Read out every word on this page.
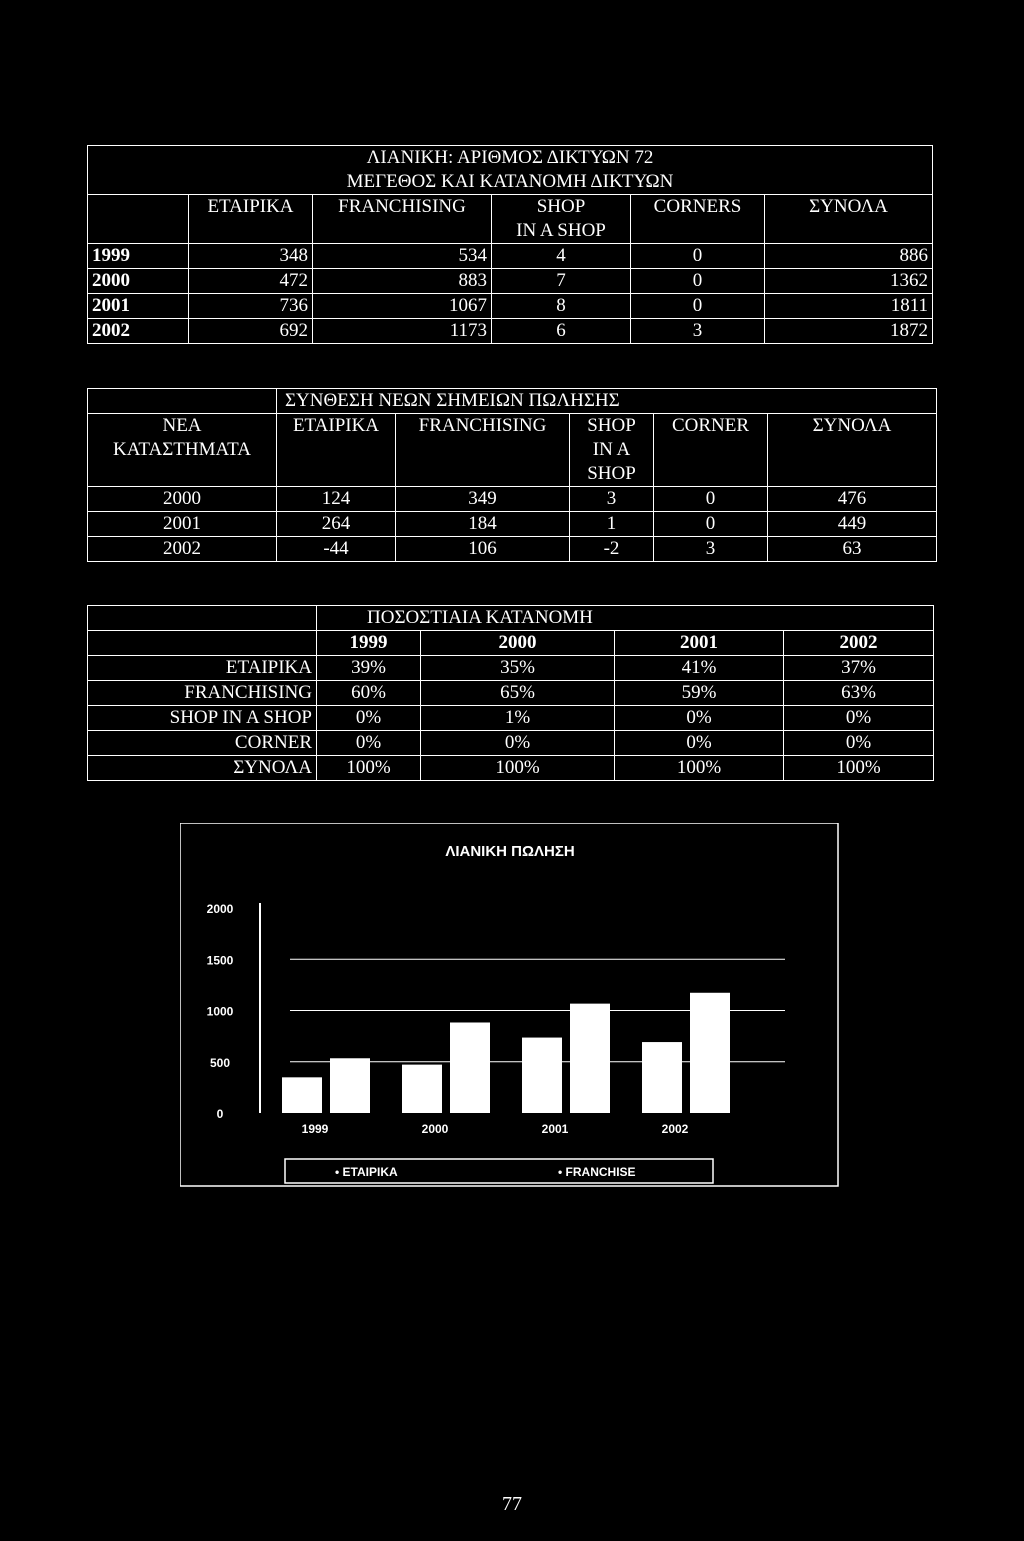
ΛΙΑΝΙΚΗ: ΑΡΙΘΜΟΣ ΔΙΚΤΥΩΝ 72					
ΜΕΓΕΘΟΣ ΚΑΙ ΚΑΤΑΝΟΜΗ ΔΙΚΤΥΩΝ					
	ΕΤΑΙΡΙΚΑ	FRANCHISING	SHOP	CORNERS	ΣΥΝΟΛΑ
			IN A SHOP		
1999	348	534	4	0	886
2000	472	883	7	0	1362
2001	736	1067	8	0	1811
2002	692	1173	6	3	1872
	ΣΥΝΘΕΣΗ ΝΕΩΝ ΣΗΜΕΙΩΝ ΠΩΛΗΣΗΣ				

ΝΕΑ
ΚΑΤΑΣΤΗΜΑΤΑ	ΕΤΑΙΡΙΚΑ	FRANCHISING	SHOP	CORNER	ΣΥΝΟΛΑ
			IN A		
			SHOP		
2000	124	349	3	0	476
2001	264	184	1	0	449
2002	-44	106	-2	3	63
	ΠΟΣΟΣΤΙΑΙΑ ΚΑΤΑΝΟΜΗ			
	1999	2000	2001	2002
ΕΤΑΙΡΙΚΑ	39%	35%	41%	37%
FRANCHISING	60%	65%	59%	63%
SHOP IN A SHOP	0%	1%	0%	0%
CORNER	0%	0%	0%	0%
ΣΥΝΟΛΑ	100%	100%	100%	100%
ΛΙΑΝΙΚΗ ΠΩΛΗΣΗ
2000
1500
1000
500
0
1999	2000	2001	2002
• ΕΤΑΙΡΙΚΑ	• FRANCHISE
77
